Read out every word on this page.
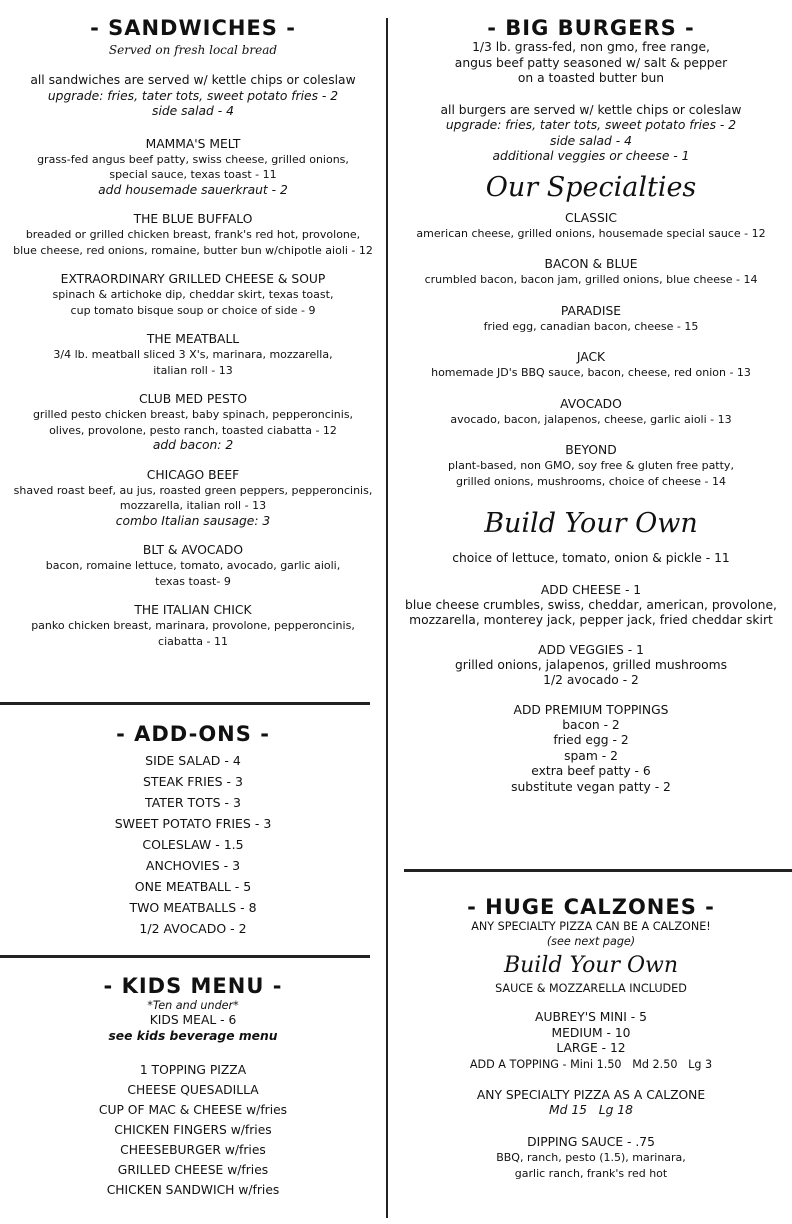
- SANDWICHES -
Served on fresh local bread
all sandwiches are served w/ kettle chips or coleslaw
upgrade: fries, tater tots, sweet potato fries - 2
side salad - 4
MAMMA'S MELT
grass-fed angus beef patty, swiss cheese, grilled onions,
special sauce, texas toast - 11
add housemade sauerkraut - 2
THE BLUE BUFFALO
breaded or grilled chicken breast, frank's red hot, provolone,
blue cheese, red onions, romaine, butter bun w/chipotle aioli - 12
EXTRAORDINARY GRILLED CHEESE & SOUP
spinach & artichoke dip, cheddar skirt, texas toast,
cup tomato bisque soup or choice of side - 9
THE MEATBALL
3/4 lb. meatball sliced 3 X's, marinara, mozzarella,
italian roll - 13
CLUB MED PESTO
grilled pesto chicken breast, baby spinach, pepperoncinis,
olives, provolone, pesto ranch, toasted ciabatta - 12
add bacon: 2
CHICAGO BEEF
shaved roast beef, au jus, roasted green peppers, pepperoncinis,
mozzarella, italian roll - 13
combo Italian sausage: 3
BLT & AVOCADO
bacon, romaine lettuce, tomato, avocado, garlic aioli,
texas toast- 9
THE ITALIAN CHICK
panko chicken breast, marinara, provolone, pepperoncinis,
ciabatta - 11
- ADD-ONS -
SIDE SALAD - 4
STEAK FRIES - 3
TATER TOTS - 3
SWEET POTATO FRIES - 3
COLESLAW - 1.5
ANCHOVIES - 3
ONE MEATBALL - 5
TWO MEATBALLS - 8
1/2 AVOCADO - 2
- KIDS MENU -
*Ten and under*
KIDS MEAL - 6
see kids beverage menu
1 TOPPING PIZZA
CHEESE QUESADILLA
CUP OF MAC & CHEESE w/fries
CHICKEN FINGERS w/fries
CHEESEBURGER w/fries
GRILLED CHEESE w/fries
CHICKEN SANDWICH w/fries
- BIG BURGERS -
1/3 lb. grass-fed, non gmo, free range,
angus beef patty seasoned w/ salt & pepper
on a toasted butter bun
all burgers are served w/ kettle chips or coleslaw
upgrade: fries, tater tots, sweet potato fries - 2
side salad - 4
additional veggies or cheese - 1
Our Specialties
CLASSIC
american cheese, grilled onions, housemade special sauce - 12
BACON & BLUE
crumbled bacon, bacon jam, grilled onions, blue cheese - 14
PARADISE
fried egg, canadian bacon, cheese - 15
JACK
homemade JD's BBQ sauce, bacon, cheese, red onion - 13
AVOCADO
avocado, bacon, jalapenos, cheese, garlic aioli - 13
BEYOND
plant-based, non GMO, soy free & gluten free patty,
grilled onions, mushrooms, choice of cheese - 14
Build Your Own
choice of lettuce, tomato, onion & pickle - 11
ADD CHEESE - 1
blue cheese crumbles, swiss, cheddar, american, provolone,
mozzarella, monterey jack, pepper jack, fried cheddar skirt
ADD VEGGIES - 1
grilled onions, jalapenos, grilled mushrooms
1/2 avocado - 2
ADD PREMIUM TOPPINGS
bacon - 2
fried egg - 2
spam - 2
extra beef patty - 6
substitute vegan patty - 2
- HUGE CALZONES -
ANY SPECIALTY PIZZA CAN BE A CALZONE!
(see next page)
Build Your Own
SAUCE & MOZZARELLA INCLUDED
AUBREY'S MINI - 5
MEDIUM - 10
LARGE - 12
ADD A TOPPING - Mini 1.50   Md 2.50   Lg 3
ANY SPECIALTY PIZZA AS A CALZONE
Md 15   Lg 18
DIPPING SAUCE - .75
BBQ, ranch, pesto (1.5), marinara,
garlic ranch, frank's red hot
